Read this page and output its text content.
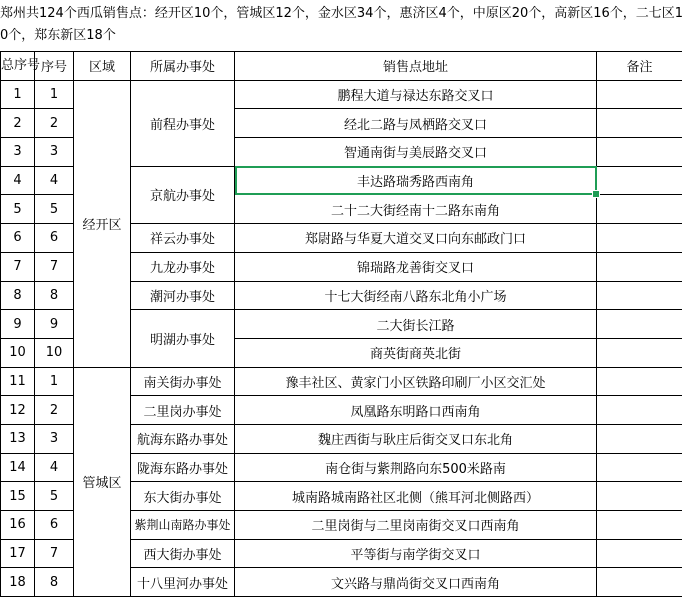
郑州共124个西瓜销售点：经开区10个，管城区12个，金水区34个，惠济区4个，中原区20个，高新区16个，二七区10个，郑东新区18个
总序号	序号	区域	所属办事处	销售点地址	备注
1	1	经开区	前程办事处	鹏程大道与禄达东路交叉口	
2	2			经北二路与凤栖路交叉口	
3	3			智通南街与美辰路交叉口	
4	4		京航办事处	丰达路瑞秀路西南角

5	5			二十二大街经南十二路东南角	
6	6		祥云办事处	郑尉路与华夏大道交叉口向东邮政门口	
7	7		九龙办事处	锦瑞路龙善街交叉口	
8	8		潮河办事处	十七大街经南八路东北角小广场	
9	9		明湖办事处	二大街长江路	
10	10			商英街商英北街	
11	1	管城区	南关街办事处	豫丰社区、黄家门小区铁路印刷厂小区交汇处	
12	2		二里岗办事处	凤凰路东明路口西南角	
13	3		航海东路办事处	魏庄西街与耿庄后街交叉口东北角	
14	4		陇海东路办事处	南仓街与紫荆路向东500米路南	
15	5		东大街办事处	城南路城南路社区北侧（熊耳河北侧路西）	
16	6		紫荆山南路办事处	二里岗街与二里岗南街交叉口西南角	
17	7		西大街办事处	平等街与南学街交叉口	
18	8		十八里河办事处	文兴路与鼎尚街交叉口西南角	
